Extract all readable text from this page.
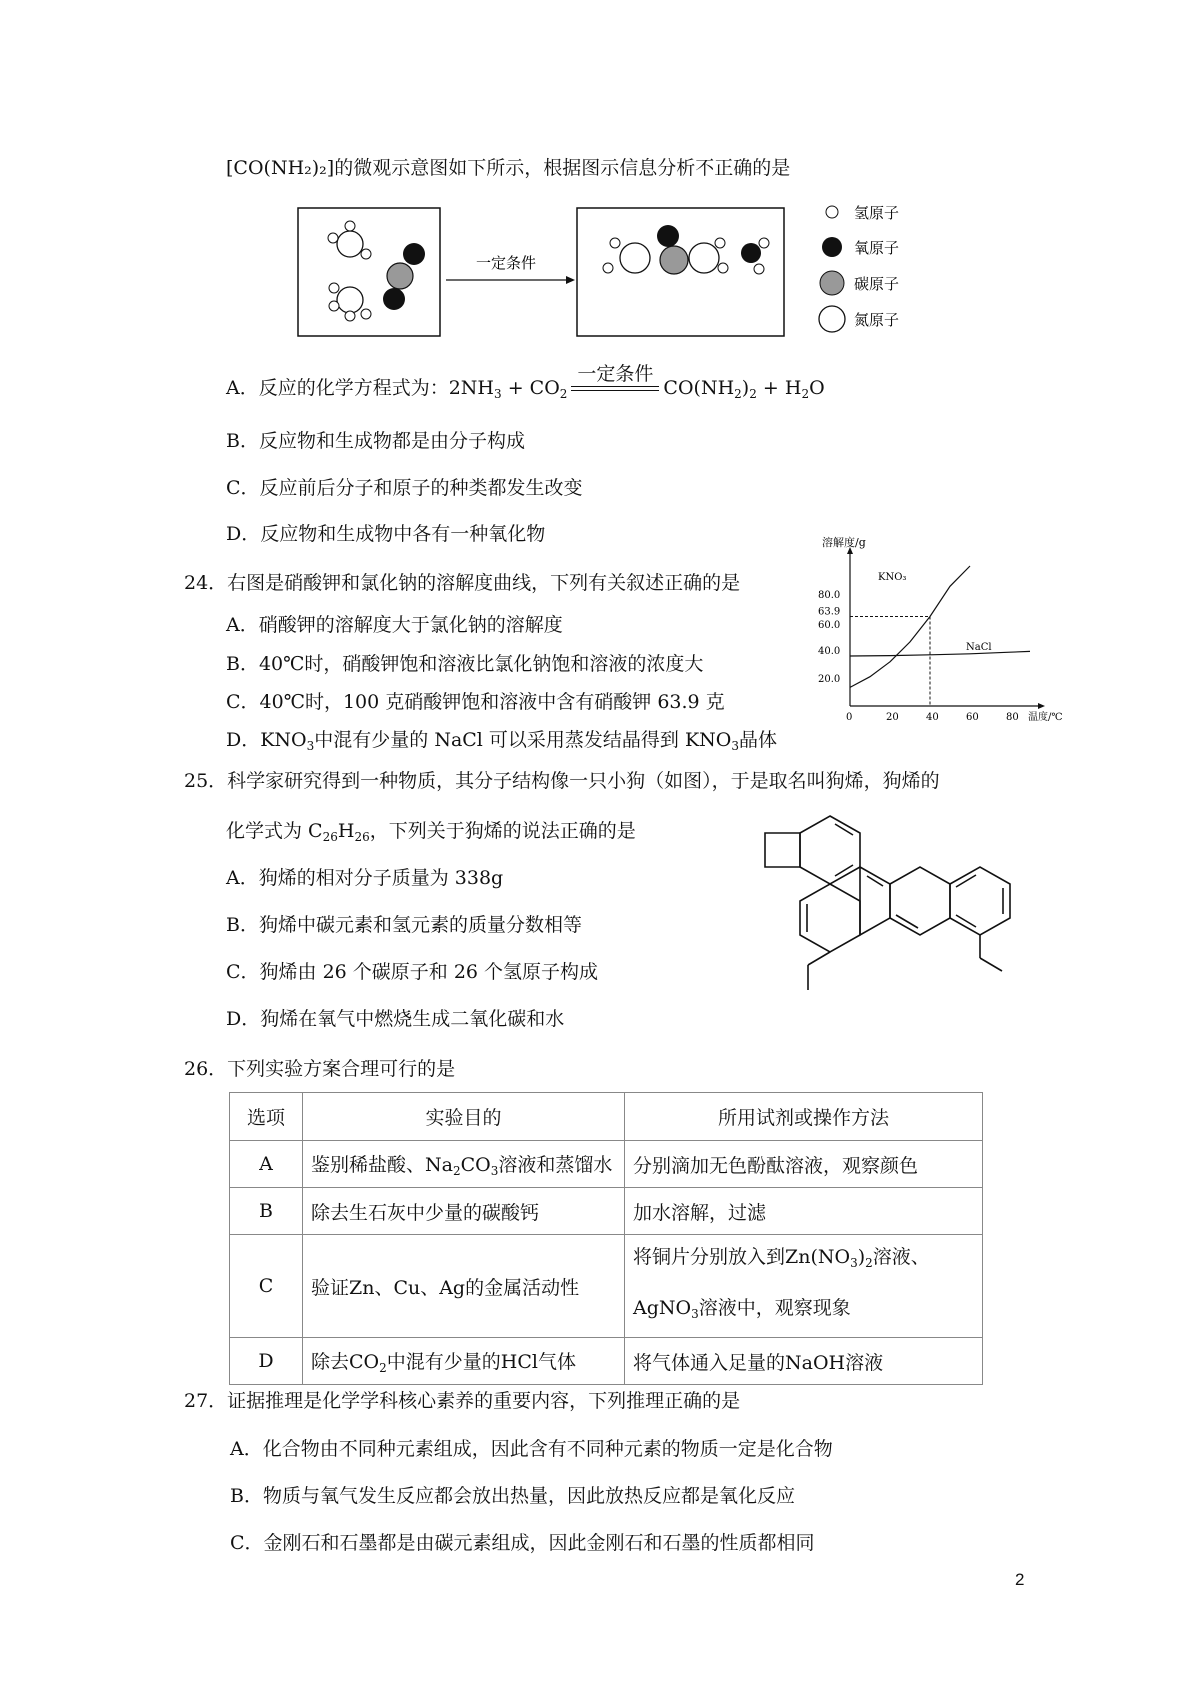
[CO(NH₂)₂]的微观示意图如下所示，根据图示信息分析不正确的是
一定条件
氢原子
氧原子
碳原子
氮原子
A．反应的化学方程式为：$2NH_3 + CO_2$
一定条件
$CO(NH_2)_2 + H_2O$
B．反应物和生成物都是由分子构成
C．反应前后分子和原子的种类都发生改变
D．反应物和生成物中各有一种氧化物
24．右图是硝酸钾和氯化钠的溶解度曲线，下列有关叙述正确的是
A．硝酸钾的溶解度大于氯化钠的溶解度
B．40℃时，硝酸钾饱和溶液比氯化钠饱和溶液的浓度大
C．40℃时，100 克硝酸钾饱和溶液中含有硝酸钾 63.9 克
D．$KNO_3$中混有少量的 NaCl 可以采用蒸发结晶得到 $KNO_3$晶体
溶解度/g
温度/℃
0	20	40	60	80
20.0
40.0
60.0
63.9
80.0
KNO₃
NaCl
25．科学家研究得到一种物质，其分子结构像一只小狗（如图），于是取名叫狗烯，狗烯的
化学式为 $C_{26}H_{26}$，下列关于狗烯的说法正确的是
A．狗烯的相对分子质量为 338g
B．狗烯中碳元素和氢元素的质量分数相等
C．狗烯由 26 个碳原子和 26 个氢原子构成
D．狗烯在氧气中燃烧生成二氧化碳和水
26．下列实验方案合理可行的是
选项	实验目的	所用试剂或操作方法
A	鉴别稀盐酸、$Na_2CO_3$溶液和蒸馏水	分别滴加无色酚酞溶液，观察颜色
B	除去生石灰中少量的碳酸钙	加水溶解，过滤
C	验证Zn、Cu、Ag的金属活动性	将铜片分别放入到$Zn(NO_3)_2$溶液、
AgNO$_3$溶液中，观察现象
D	除去$CO_2$中混有少量的HCl气体	将气体通入足量的NaOH溶液
27．证据推理是化学学科核心素养的重要内容，下列推理正确的是
A．化合物由不同种元素组成，因此含有不同种元素的物质一定是化合物
B．物质与氧气发生反应都会放出热量，因此放热反应都是氧化反应
C．金刚石和石墨都是由碳元素组成，因此金刚石和石墨的性质都相同
2
